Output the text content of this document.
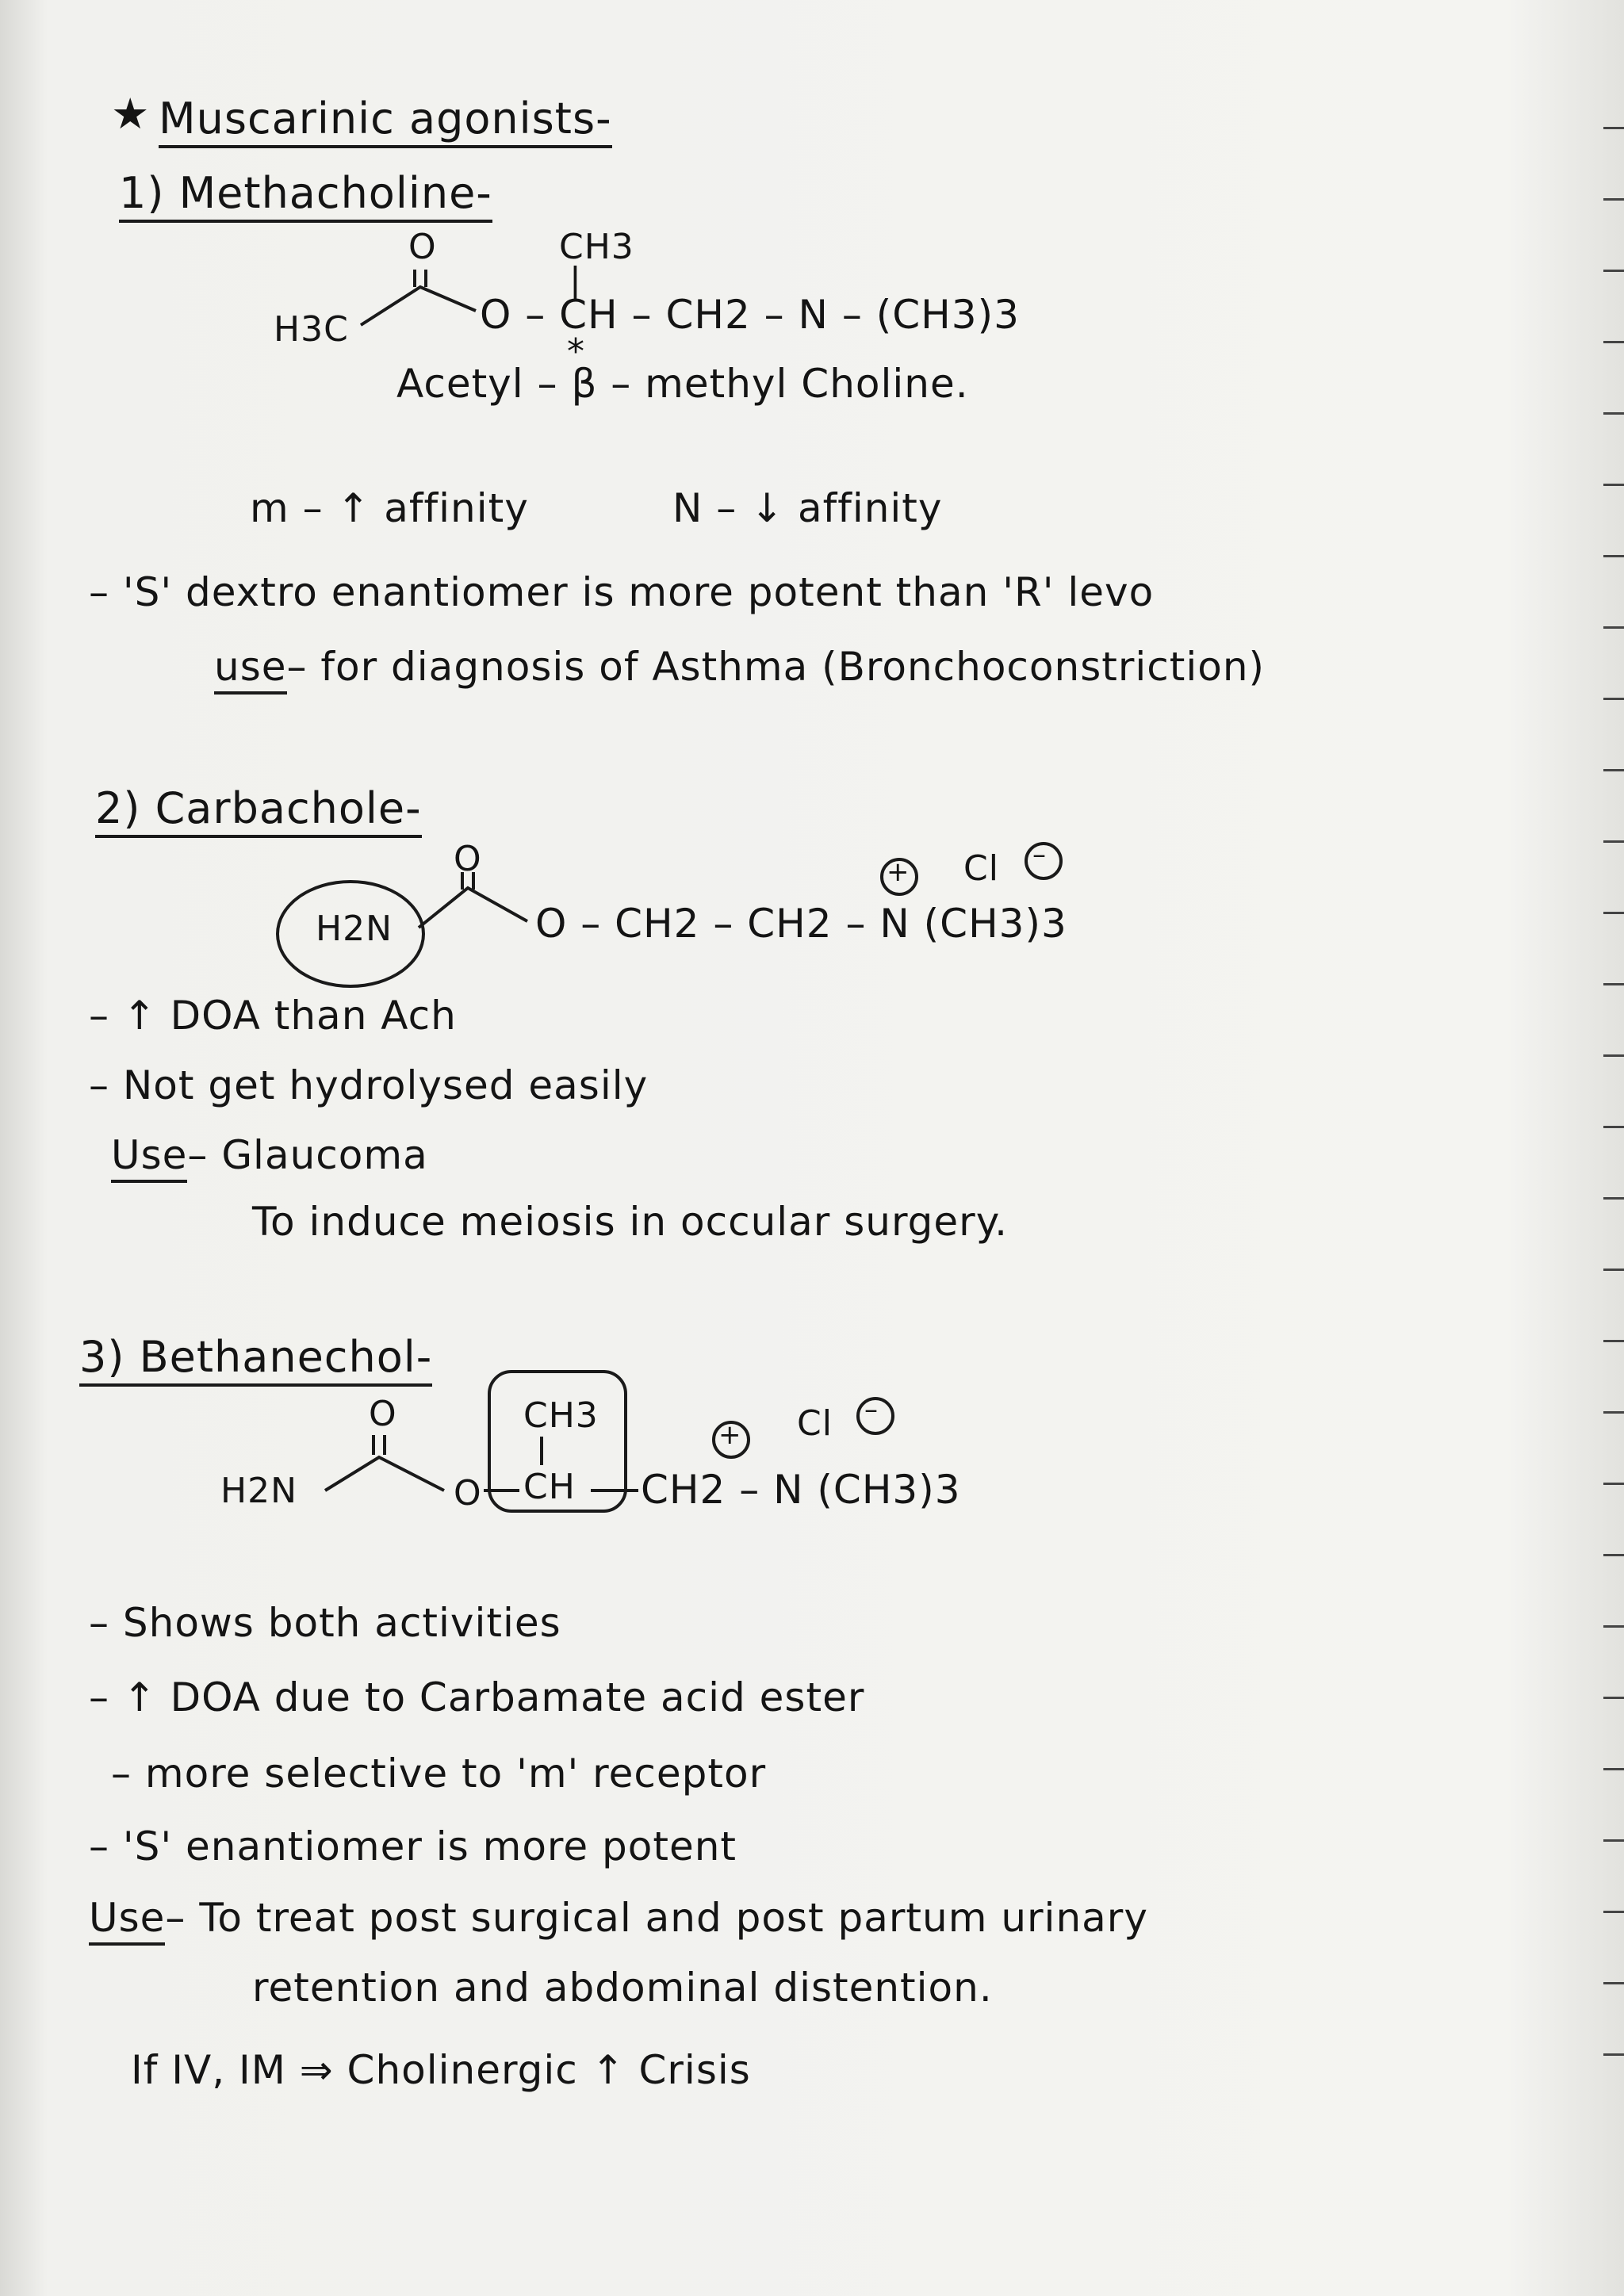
★ Muscarinic agonists-
1) Methacholine-
O	CH3
|
H3C	O – CH – CH2 – N – (CH3)3
*
Acetyl – β – methyl Choline.
m – ↑ affinity	N – ↓ affinity
– 'S' dextro enantiomer is more potent than 'R' levo
use– for diagnosis of Asthma (Bronchoconstriction)
2) Carbachole-
O
H2N	O – CH2 – CH2 – N (CH3)3
+ Cl –
– ↑ DOA than Ach
– Not get hydrolysed easily
Use– Glaucoma
To induce meiosis in occular surgery.
3) Bethanechol-
O
H2N	O
CH3
CH CH2 – N (CH3)3
+ Cl –
– Shows both activities
– ↑ DOA due to Carbamate acid ester
– more selective to 'm' receptor
– 'S' enantiomer is more potent
Use– To treat post surgical and post partum urinary
retention and abdominal distention.
If IV, IM ⇒ Cholinergic ↑ Crisis
